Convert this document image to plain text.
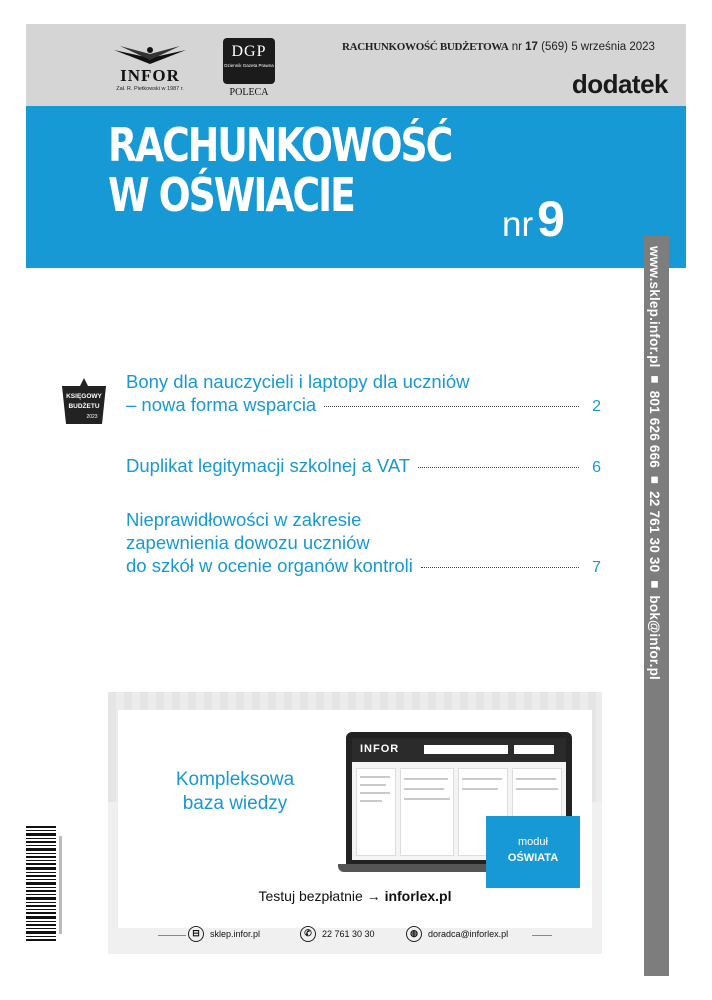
INFOR
Zał. R. Pietkowski w 1987 r.
DGP
Dziennik Gazeta Prawna
POLECA
RACHUNKOWOŚĆ BUDŻETOWA nr 17 (569) 5 września 2023
dodatek
RACHUNKOWOŚĆ
W OŚWIACIE
nr9
www.sklep.infor.pl ■ 801 626 666 ■ 22 761 30 30 ■ bok@infor.pl
KSIĘGOWY
BUDŻETU
2023
Bony dla nauczycieli i laptopy dla uczniów
– nowa forma wsparcia	2
Duplikat legitymacji szkolnej a VAT	6
Nieprawidłowości w zakresie
zapewnienia dowozu uczniów
do szkół w ocenie organów kontroli	7
Kompleksowa
baza wiedzy
INFOR
moduł
OŚWIATA
Testuj bezpłatnie → inforlex.pl
⊟	sklep.infor.pl	✆	22 761 30 30	◍	doradca@inforlex.pl
